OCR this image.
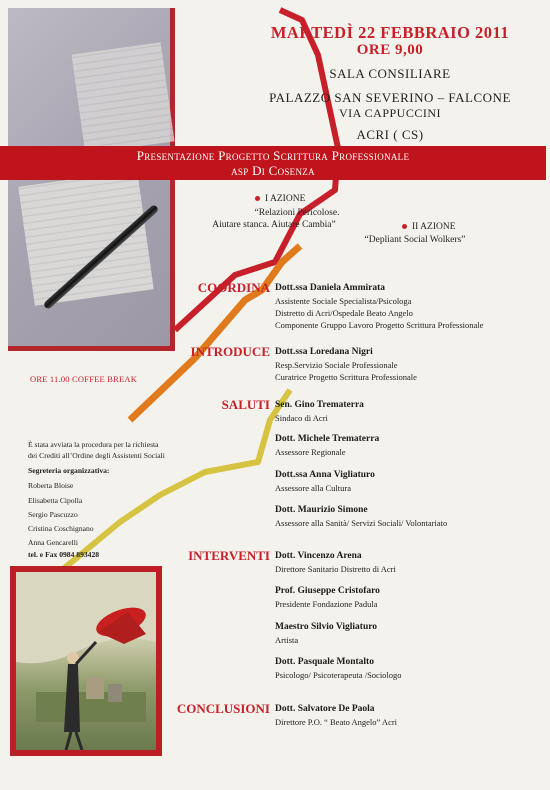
MARTEDÌ 22 FEBBRAIO 2011
ORE 9,00
SALA CONSILIARE
PALAZZO SAN SEVERINO – FALCONE
VIA CAPPUCCINI
ACRI ( CS)
Presentazione Progetto Scrittura Professionale
asp Di Cosenza
I AZIONE
“Relazioni Pericolose.
Aiutare stanca. Aiutare Cambia”	II AZIONE
“Depliant Social Wolkers”
COORDINA Dott.ssa Daniela Ammirata
Assistente Sociale Specialista/Psicologa
Distretto di Acri/Ospedale Beato Angelo
Componente Gruppo Lavoro Progetto Scrittura Professionale
INTRODUCE Dott.ssa Loredana Nigri
Resp.Servizio Sociale Professionale
Curatrice Progetto Scrittura Professionale
ORE 11.00 COFFEE BREAK
SALUTI Sen. Gino Trematerra
Sindaco di Acri
Dott. Michele Trematerra
Assessore Regionale
Dott.ssa Anna Vigliaturo
Assessore alla Cultura
Dott. Maurizio Simone
Assessore alla Sanità/ Servizi Sociali/ Volontariato
È stata avviata la procedura per la richiesta
dei Crediti all’Ordine degli Assistenti Sociali
Segreteria organizzativa:
Roberta Bloise
Elisabetta Cipolla
Sergio Pascuzzo
Cristina Coschignano
Anna Gencarelli
tel. e Fax 0984 893428	INTERVENTI Dott. Vincenzo Arena
Direttore Sanitario Distretto di Acri
Prof. Giuseppe Cristofaro
Presidente Fondazione Padula
Maestro Silvio Vigliaturo
Artista
Dott. Pasquale Montalto
Psicologo/ Psicoterapeuta /Sociologo
CONCLUSIONI Dott. Salvatore De Paola
Direttore P.O. “ Beato Angelo” Acri
